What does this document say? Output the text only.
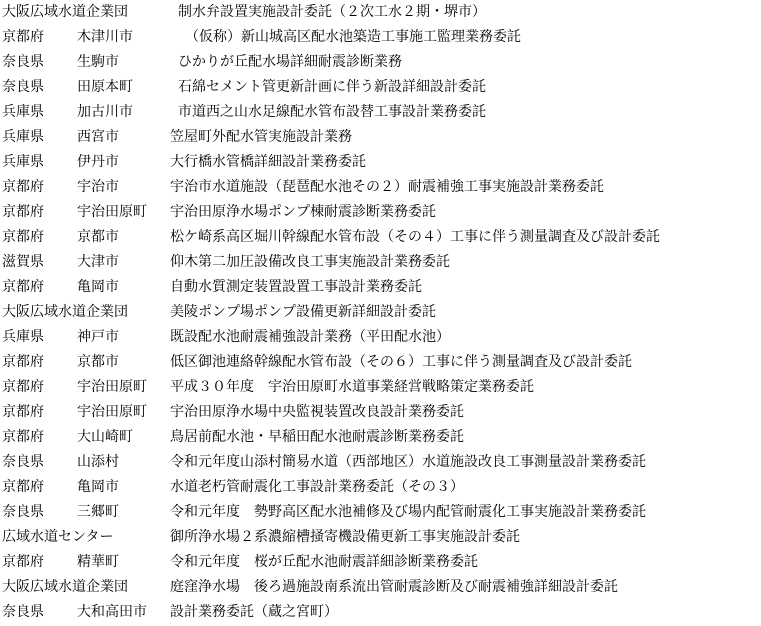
大阪広域水道企業団	制水弁設置実施設計委託（２次工水２期・堺市）
京都府 木津川市	（仮称）新山城高区配水池築造工事施工監理業務委託
奈良県 生駒市	ひかりが丘配水場詳細耐震診断業務
奈良県 田原本町	石綿セメント管更新計画に伴う新設詳細設計委託
兵庫県 加古川市	市道西之山水足線配水管布設替工事設計業務委託
兵庫県 西宮市	笠屋町外配水管実施設計業務
兵庫県 伊丹市	大行橋水管橋詳細設計業務委託
京都府 宇治市	宇治市水道施設（琵琶配水池その２）耐震補強工事実施設計業務委託
京都府 宇治田原町 宇治田原浄水場ポンプ棟耐震診断業務委託
京都府 京都市	松ケ崎系高区堀川幹線配水管布設（その４）工事に伴う測量調査及び設計委託
滋賀県 大津市	仰木第二加圧設備改良工事実施設計業務委託
京都府 亀岡市	自動水質測定装置設置工事設計業務委託
大阪広域水道企業団	美陵ポンプ場ポンプ設備更新詳細設計委託
兵庫県 神戸市	既設配水池耐震補強設計業務（平田配水池）
京都府 京都市	低区御池連絡幹線配水管布設（その６）工事に伴う測量調査及び設計委託
京都府 宇治田原町 平成３０年度　宇治田原町水道事業経営戦略策定業務委託
京都府 宇治田原町 宇治田原浄水場中央監視装置改良設計業務委託
京都府 大山崎町	鳥居前配水池・早稲田配水池耐震診断業務委託
奈良県 山添村	令和元年度山添村簡易水道（西部地区）水道施設改良工事測量設計業務委託
京都府 亀岡市	水道老朽管耐震化工事設計業務委託（その３）
奈良県 三郷町	令和元年度　勢野高区配水池補修及び場内配管耐震化工事実施設計業務委託
広域水道センター	御所浄水場２系濃縮槽掻寄機設備更新工事実施設計委託
京都府 精華町	令和元年度　桜が丘配水池耐震詳細診断業務委託
大阪広域水道企業団	庭窪浄水場　後ろ過施設南系流出管耐震診断及び耐震補強詳細設計委託
奈良県 大和高田市 設計業務委託（蔵之宮町）
